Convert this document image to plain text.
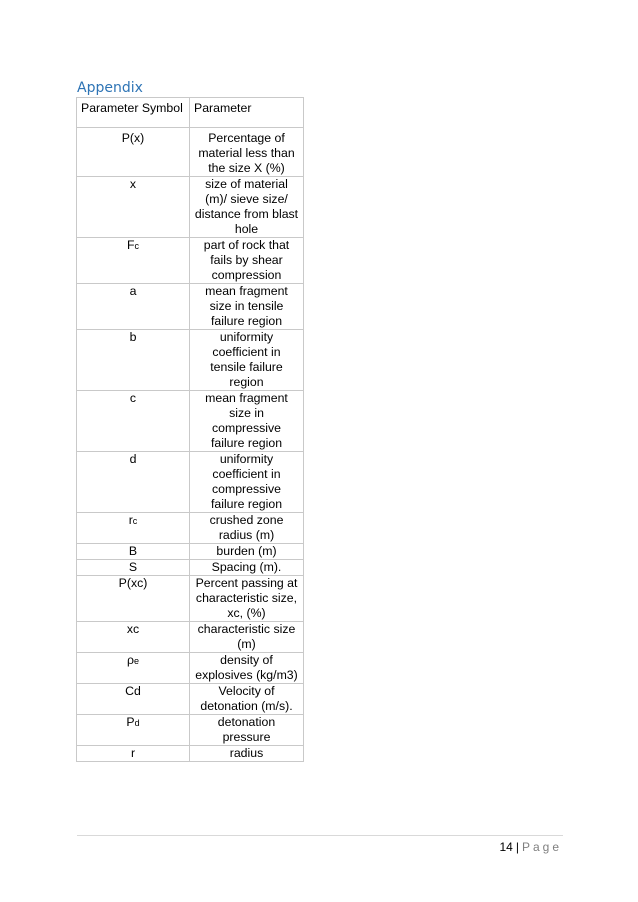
Appendix
Parameter Symbol	Parameter
P(x)	Percentage of material less than the size X (%)
x	size of material (m)/ sieve size/ distance from blast hole
Fc	part of rock that fails by shear compression
a	mean fragment size in tensile failure region
b	uniformity coefficient in tensile failure region
c	mean fragment size in compressive failure region
d	uniformity coefficient in compressive failure region
rc	crushed zone radius (m)
B	burden (m)
S	Spacing (m).
P(xc)	Percent passing at characteristic size, xc, (%)
xc	characteristic size (m)
ρe	density of explosives (kg/m3)
Cd	Velocity of detonation (m/s).
Pd	detonation pressure
r	radius
14 | Page
